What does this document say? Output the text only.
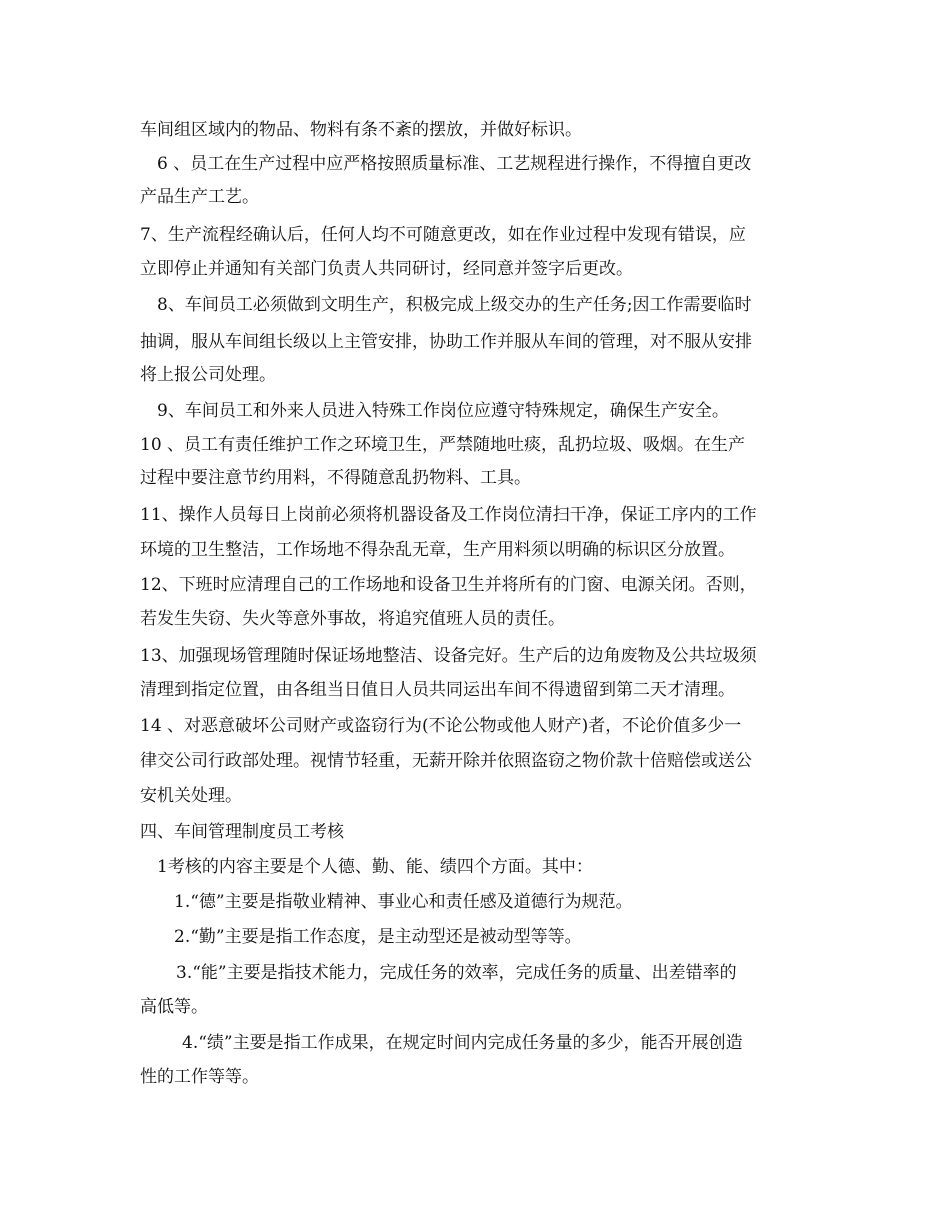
车间组区域内的物品、物料有条不紊的摆放，并做好标识。
6 、员工在生产过程中应严格按照质量标准、工艺规程进行操作，不得擅自更改
产品生产工艺。
7、生产流程经确认后，任何人均不可随意更改，如在作业过程中发现有错误，应
立即停止并通知有关部门负责人共同研讨，经同意并签字后更改。
8、车间员工必须做到文明生产，积极完成上级交办的生产任务;因工作需要临时
抽调，服从车间组长级以上主管安排，协助工作并服从车间的管理，对不服从安排
将上报公司处理。
9、车间员工和外来人员进入特殊工作岗位应遵守特殊规定，确保生产安全。
10 、员工有责任维护工作之环境卫生，严禁随地吐痰，乱扔垃圾、吸烟。在生产
过程中要注意节约用料，不得随意乱扔物料、工具。
11、操作人员每日上岗前必须将机器设备及工作岗位清扫干净，保证工序内的工作
环境的卫生整洁，工作场地不得杂乱无章，生产用料须以明确的标识区分放置。
12、下班时应清理自己的工作场地和设备卫生并将所有的门窗、电源关闭。否则，
若发生失窃、失火等意外事故，将追究值班人员的责任。
13、加强现场管理随时保证场地整洁、设备完好。生产后的边角废物及公共垃圾须
清理到指定位置，由各组当日值日人员共同运出车间不得遗留到第二天才清理。
14 、对恶意破坏公司财产或盗窃行为(不论公物或他人财产)者，不论价值多少一
律交公司行政部处理。视情节轻重，无薪开除并依照盗窃之物价款十倍赔偿或送公
安机关处理。
四、车间管理制度员工考核
1考核的内容主要是个人德、勤、能、绩四个方面。其中：
1.“德”主要是指敬业精神、事业心和责任感及道德行为规范。
2.“勤”主要是指工作态度，是主动型还是被动型等等。
3.“能”主要是指技术能力，完成任务的效率，完成任务的质量、出差错率的
高低等。
4.“绩”主要是指工作成果，在规定时间内完成任务量的多少，能否开展创造
性的工作等等。
